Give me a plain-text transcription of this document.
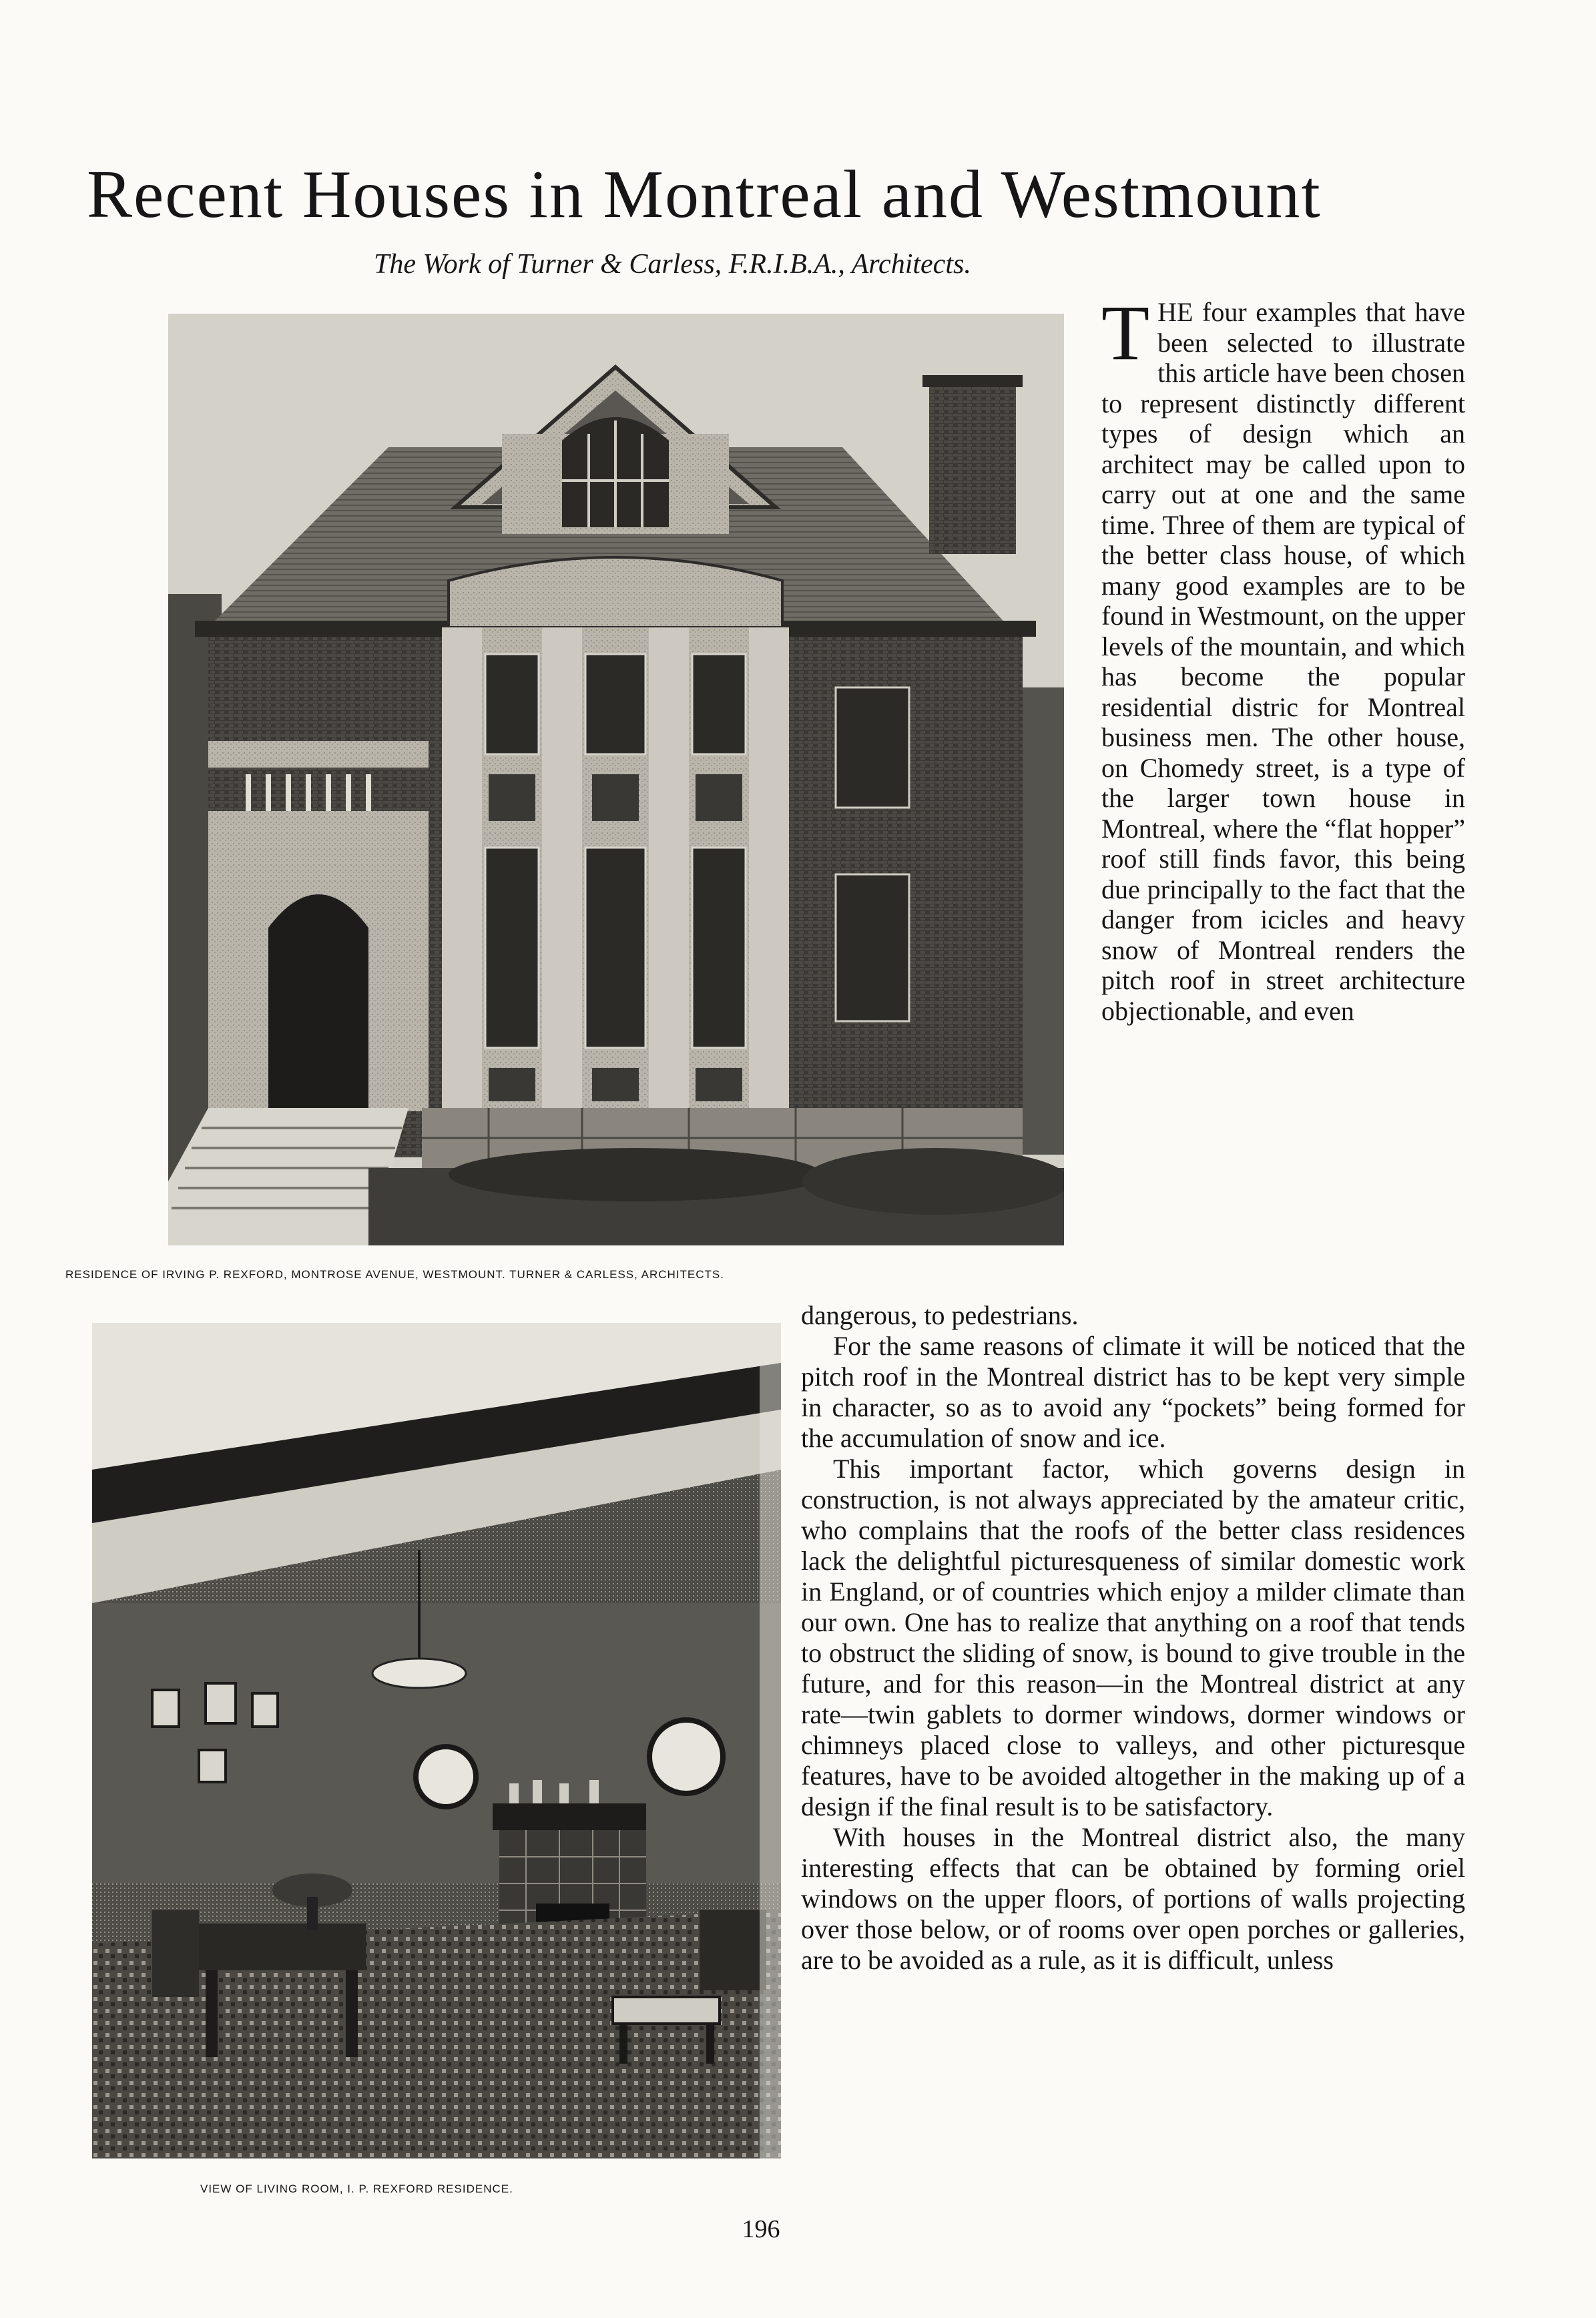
Recent Houses in Montreal and Westmount
The Work of Turner & Carless, F.R.I.B.A., Architects.
RESIDENCE OF IRVING P. REXFORD, MONTROSE AVENUE, WESTMOUNT. TURNER & CARLESS, ARCHITECTS.
VIEW OF LIVING ROOM, I. P. REXFORD RESIDENCE.

THE four examples that have been selected to illustrate this article have been chosen to represent distinctly different types of design which an architect may be called upon to carry out at one and the same time. Three of them are typical of the better class house, of which many good examples are to be found in Westmount, on the upper levels of the mountain, and which has become the popular residential distric for Montreal business men. The other house, on Chomedy street, is a type of the larger town house in Montreal, where the “flat hopper” roof still finds favor, this being due principally to the fact that the danger from icicles and heavy snow of Montreal renders the pitch roof in street architecture objectionable, and even

dangerous, to pedestrians.

For the same reasons of climate it will be noticed that the pitch roof in the Montreal district has to be kept very simple in character, so as to avoid any “pockets” being formed for the accumulation of snow and ice.

This important factor, which governs design in construction, is not always appreciated by the amateur critic, who complains that the roofs of the better class residences lack the delightful picturesqueness of similar domestic work in England, or of countries which enjoy a milder climate than our own. One has to realize that anything on a roof that tends to obstruct the sliding of snow, is bound to give trouble in the future, and for this reason—in the Montreal district at any rate—twin gablets to dormer windows, dormer windows or chimneys placed close to valleys, and other picturesque features, have to be avoided altogether in the making up of a design if the final result is to be satisfactory.

With houses in the Montreal district also, the many interesting effects that can be obtained by forming oriel windows on the upper floors, of portions of walls projecting over those below, or of rooms over open porches or galleries, are to be avoided as a rule, as it is difficult, unless

196
